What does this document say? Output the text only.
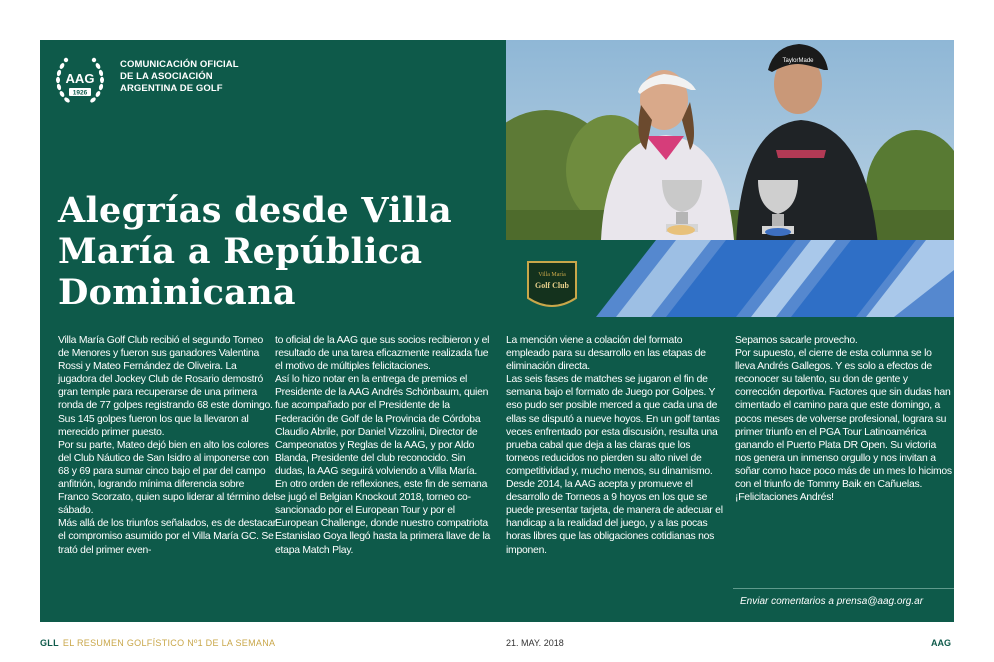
AAG
1926
COMUNICACIÓN OFICIAL
DE LA ASOCIACIÓN
ARGENTINA DE GOLF
Alegrías desde Villa María a República Dominicana
TaylorMade
Villa María
Golf Club

Villa María Golf Club recibió el segundo Torneo de Menores y fueron sus ganadores Valentina Rossi y Mateo Fernández de Oliveira. La jugadora del Jockey Club de Rosario demostró gran temple para recuperarse de una primera ronda de 77 golpes registrando 68 este domingo. Sus 145 golpes fueron los que la llevaron al merecido primer puesto.

Por su parte, Mateo dejó bien en alto los colores del Club Náutico de San Isidro al imponerse con 68 y 69 para sumar cinco bajo el par del campo anfitrión, logrando mínima diferencia sobre Franco Scorzato, quien supo liderar al término del sábado.

Más allá de los triunfos señalados, es de destacar el compromiso asumido por el Villa María GC. Se trató del primer even-

to oficial de la AAG que sus socios recibieron y el resultado de una tarea eficazmente realizada fue el motivo de múltiples felicitaciones.

Así lo hizo notar en la entrega de premios el Presidente de la AAG Andrés Schönbaum, quien fue acompañado por el Presidente de la Federación de Golf de la Provincia de Córdoba Claudio Abrile, por Daniel Vizzolini, Director de Campeonatos y Reglas de la AAG, y por Aldo Blanda, Presidente del club reconocido. Sin dudas, la AAG seguirá volviendo a Villa María.

En otro orden de reflexiones, este fin de semana se jugó el Belgian Knockout 2018, torneo co-sancionado por el European Tour y por el European Challenge, donde nuestro compatriota Estanislao Goya llegó hasta la primera llave de la etapa Match Play.

La mención viene a colación del formato empleado para su desarrollo en las etapas de eliminación directa.

Las seis fases de matches se jugaron el fin de semana bajo el formato de Juego por Golpes. Y eso pudo ser posible merced a que cada una de ellas se disputó a nueve hoyos. En un golf tantas veces enfrentado por esta discusión, resulta una prueba cabal que deja a las claras que los torneos reducidos no pierden su alto nivel de competitividad y, mucho menos, su dinamismo.

Desde 2014, la AAG acepta y promueve el desarrollo de Torneos a 9 hoyos en los que se puede presentar tarjeta, de manera de adecuar el handicap a la realidad del juego, y a las pocas horas libres que las obligaciones cotidianas nos imponen.

Sepamos sacarle provecho.

Por supuesto, el cierre de esta columna se lo lleva Andrés Gallegos. Y es solo a efectos de reconocer su talento, su don de gente y corrección deportiva. Factores que sin dudas han cimentado el camino para que este domingo, a pocos meses de volverse profesional, lograra su primer triunfo en el PGA Tour Latinoamérica ganando el Puerto Plata DR Open. Su victoria nos genera un inmenso orgullo y nos invitan a soñar como hace poco más de un mes lo hicimos con el triunfo de Tommy Baik en Cañuelas. ¡Felicitaciones Andrés!

Enviar comentarios a prensa@aag.org.ar
GLL EL RESUMEN GOLFÍSTICO Nº1 DE LA SEMANA	21. MAY. 2018	AAG
